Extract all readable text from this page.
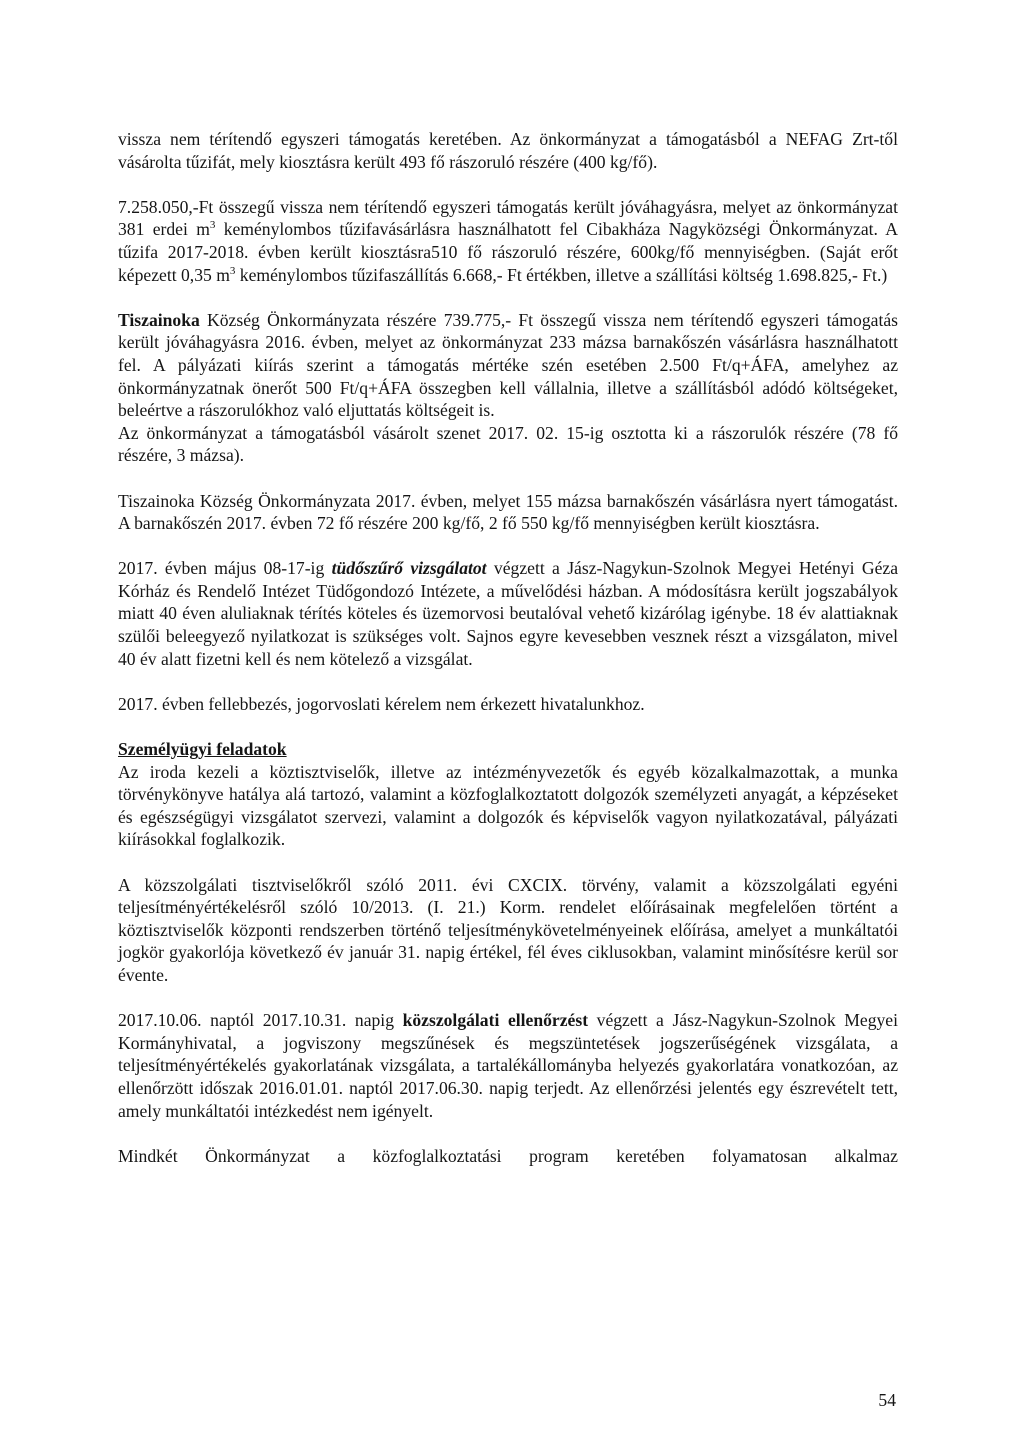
vissza nem térítendő egyszeri támogatás keretében. Az önkormányzat a támogatásból a NEFAG Zrt-től vásárolta tűzifát, mely kiosztásra került 493 fő rászoruló részére (400 kg/fő).

7.258.050,-Ft összegű vissza nem térítendő egyszeri támogatás került jóváhagyásra, melyet az önkormányzat 381 erdei $m^3$ keménylombos tűzifavásárlásra használhatott fel Cibakháza Nagyközségi Önkormányzat. A tűzifa 2017-2018. évben került kiosztásra510 fő rászoruló részére, 600kg/fő mennyiségben. (Saját erőt képezett 0,35 $m^3$ keménylombos tűzifaszállítás 6.668,- Ft értékben, illetve a szállítási költség 1.698.825,- Ft.)

Tiszainoka Község Önkormányzata részére 739.775,- Ft összegű vissza nem térítendő egyszeri támogatás került jóváhagyásra 2016. évben, melyet az önkormányzat 233 mázsa barnakőszén vásárlásra használhatott fel. A pályázati kiírás szerint a támogatás mértéke szén esetében 2.500 Ft/q+ÁFA, amelyhez az önkormányzatnak önerőt 500 Ft/q+ÁFA összegben kell vállalnia, illetve a szállításból adódó költségeket, beleértve a rászorulókhoz való eljuttatás költségeit is.

Az önkormányzat a támogatásból vásárolt szenet 2017. 02. 15-ig osztotta ki a rászorulók részére (78 fő részére, 3 mázsa).

Tiszainoka Község Önkormányzata 2017. évben, melyet 155 mázsa barnakőszén vásárlásra nyert támogatást. A barnakőszén 2017. évben 72 fő részére 200 kg/fő, 2 fő 550 kg/fő mennyiségben került kiosztásra.

2017. évben május 08-17-ig tüdőszűrő vizsgálatot végzett a Jász-Nagykun-Szolnok Megyei Hetényi Géza Kórház és Rendelő Intézet Tüdőgondozó Intézete, a művelődési házban. A módosításra került jogszabályok miatt 40 éven aluliaknak térítés köteles és üzemorvosi beutalóval vehető kizárólag igénybe. 18 év alattiaknak szülői beleegyező nyilatkozat is szükséges volt. Sajnos egyre kevesebben vesznek részt a vizsgálaton, mivel 40 év alatt fizetni kell és nem kötelező a vizsgálat.

2017. évben fellebbezés, jogorvoslati kérelem nem érkezett hivatalunkhoz.

Személyügyi feladatok

Az iroda kezeli a köztisztviselők, illetve az intézményvezetők és egyéb közalkalmazottak, a munka törvénykönyve hatálya alá tartozó, valamint a közfoglalkoztatott dolgozók személyzeti anyagát, a képzéseket és egészségügyi vizsgálatot szervezi, valamint a dolgozók és képviselők vagyon nyilatkozatával, pályázati kiírásokkal foglalkozik.

A közszolgálati tisztviselőkről szóló 2011. évi CXCIX. törvény, valamit a közszolgálati egyéni teljesítményértékelésről szóló 10/2013. (I. 21.) Korm. rendelet előírásainak megfelelően történt a köztisztviselők központi rendszerben történő teljesítménykövetelményeinek előírása, amelyet a munkáltatói jogkör gyakorlója következő év január 31. napig értékel, fél éves ciklusokban, valamint minősítésre kerül sor évente.

2017.10.06. naptól 2017.10.31. napig közszolgálati ellenőrzést végzett a Jász-Nagykun-Szolnok Megyei Kormányhivatal, a jogviszony megszűnések és megszüntetések jogszerűségének vizsgálata, a teljesítményértékelés gyakorlatának vizsgálata, a tartalékállományba helyezés gyakorlatára vonatkozóan, az ellenőrzött időszak 2016.01.01. naptól 2017.06.30. napig terjedt. Az ellenőrzési jelentés egy észrevételt tett, amely munkáltatói intézkedést nem igényelt.

Mindkét Önkormányzat a közfoglalkoztatási program keretében folyamatosan alkalmaz

54
